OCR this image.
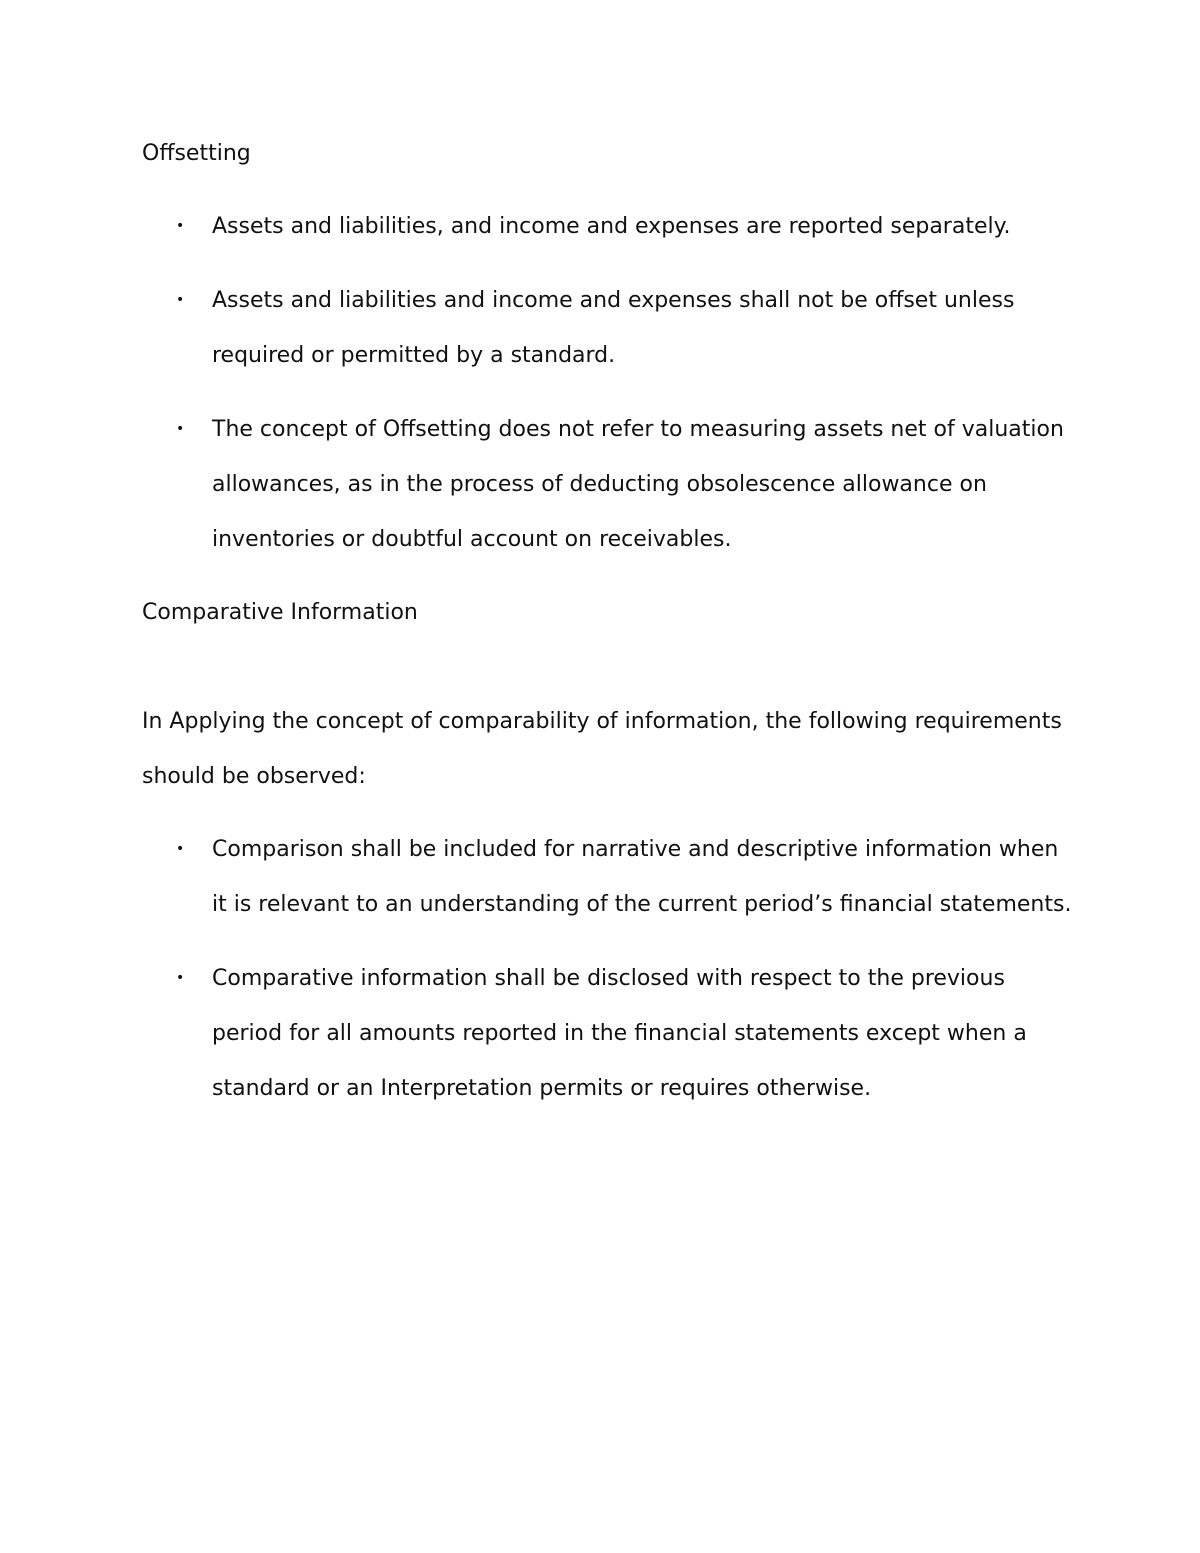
Offsetting
• Assets and liabilities, and income and expenses are reported separately.
• Assets and liabilities and income and expenses shall not be offset unless required or permitted by a standard.
• The concept of Offsetting does not refer to measuring assets net of valuation allowances, as in the process of deducting obsolescence allowance on inventories or doubtful account on receivables.
Comparative Information

In Applying the concept of comparability of information, the following requirements should be observed:

• Comparison shall be included for narrative and descriptive information when it is relevant to an understanding of the current period’s financial statements.
• Comparative information shall be disclosed with respect to the previous period for all amounts reported in the financial statements except when a standard or an Interpretation permits or requires otherwise.
